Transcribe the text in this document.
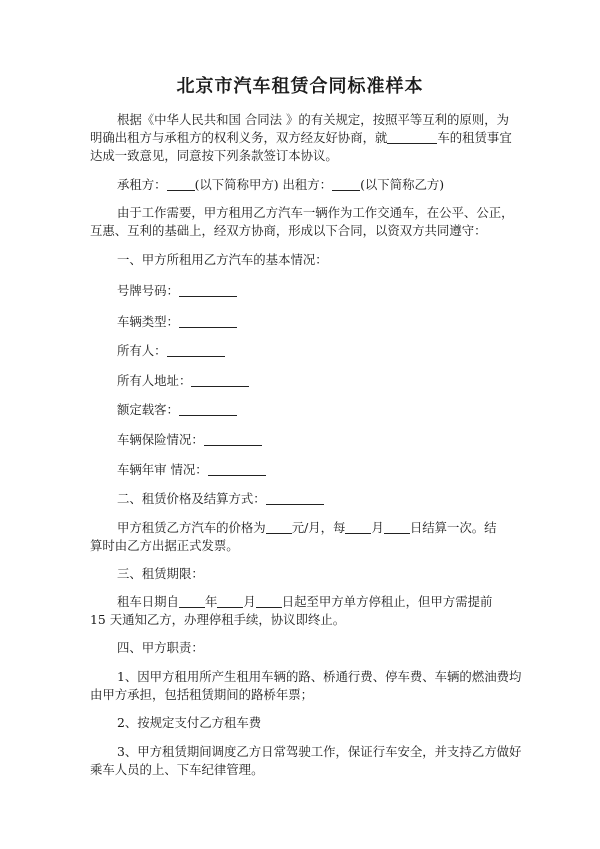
北京市汽车租赁合同标准样本
根据《中华人民共和国 合同法 》的有关规定，按照平等互利的原则，为
明确出租方与承租方的权利义务，双方经友好协商，就	车的租赁事宜
达成一致意见，同意按下列条款签订本协议。
承租方： (以下简称甲方) 出租方： (以下简称乙方)
由于工作需要，甲方租用乙方汽车一辆作为工作交通车，在公平、公正，
互惠、互利的基础上，经双方协商，形成以下合同，以资双方共同遵守：
一、甲方所租用乙方汽车的基本情况：
号牌号码：
车辆类型：
所有人：
所有人地址：
额定载客：
车辆保险情况：
车辆年审 情况：
二、租赁价格及结算方式：
甲方租赁乙方汽车的价格为 元/月，每 月 日结算一次。结
算时由乙方出据正式发票。
三、租赁期限：
租车日期自 年 月 日起至甲方单方停租止，但甲方需提前
15 天通知乙方，办理停租手续，协议即终止。
四、甲方职责：
1、因甲方租用所产生租用车辆的路、桥通行费、停车费、车辆的燃油费均
由甲方承担，包括租赁期间的路桥年票；
2、按规定支付乙方租车费
3、甲方租赁期间调度乙方日常驾驶工作，保证行车安全，并支持乙方做好
乘车人员的上、下车纪律管理。
